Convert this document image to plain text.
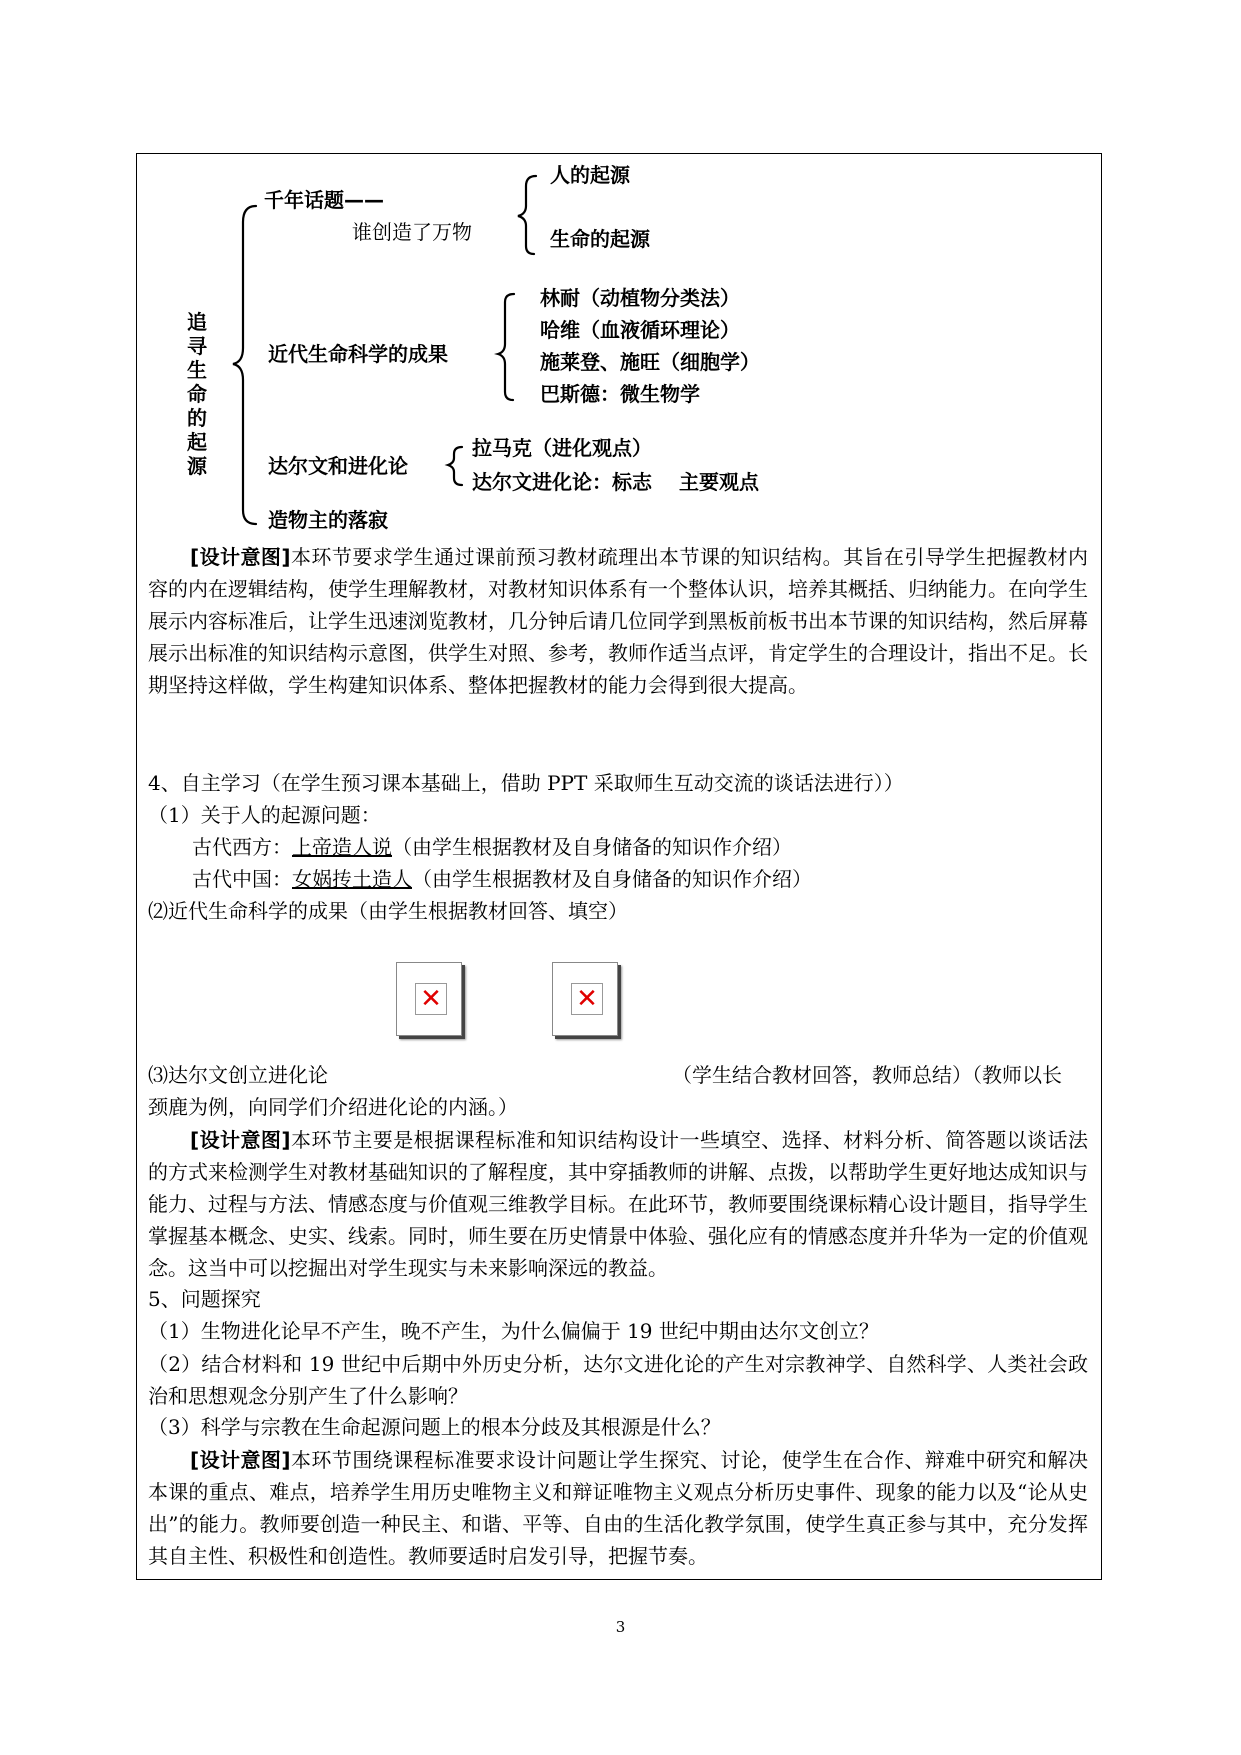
追
寻
生
命
的
起
源
千年话题——
谁创造了万物
人的起源
生命的起源
近代生命科学的成果
林耐（动植物分类法）
哈维（血液循环理论）
施莱登、施旺（细胞学）
巴斯德：微生物学
达尔文和进化论
拉马克（进化观点）
达尔文进化论：标志　 主要观点
造物主的落寂
[设计意图]本环节要求学生通过课前预习教材疏理出本节课的知识结构。其旨在引导学生把握教材内容的内在逻辑结构，使学生理解教材，对教材知识体系有一个整体认识，培养其概括、归纳能力。在向学生展示内容标准后，让学生迅速浏览教材，几分钟后请几位同学到黑板前板书出本节课的知识结构，然后屏幕展示出标准的知识结构示意图，供学生对照、参考，教师作适当点评，肯定学生的合理设计，指出不足。长期坚持这样做，学生构建知识体系、整体把握教材的能力会得到很大提高。
4、自主学习（在学生预习课本基础上，借助 PPT 采取师生互动交流的谈话法进行））
（1）关于人的起源问题：
古代西方：上帝造人说（由学生根据教材及自身储备的知识作介绍）
古代中国：女娲抟土造人（由学生根据教材及自身储备的知识作介绍）
⑵近代生命科学的成果（由学生根据教材回答、填空）
✕	✕
⑶达尔文创立进化论	（学生结合教材回答，教师总结）（教师以长
颈鹿为例，向同学们介绍进化论的内涵。）
[设计意图]本环节主要是根据课程标准和知识结构设计一些填空、选择、材料分析、简答题以谈话法的方式来检测学生对教材基础知识的了解程度，其中穿插教师的讲解、点拨，以帮助学生更好地达成知识与能力、过程与方法、情感态度与价值观三维教学目标。在此环节，教师要围绕课标精心设计题目，指导学生掌握基本概念、史实、线索。同时，师生要在历史情景中体验、强化应有的情感态度并升华为一定的价值观念。这当中可以挖掘出对学生现实与未来影响深远的教益。
5、问题探究
（1）生物进化论早不产生，晚不产生，为什么偏偏于 19 世纪中期由达尔文创立？
（2）结合材料和 19 世纪中后期中外历史分析，达尔文进化论的产生对宗教神学、自然科学、人类社会政治和思想观念分别产生了什么影响？
（3）科学与宗教在生命起源问题上的根本分歧及其根源是什么？
[设计意图]本环节围绕课程标准要求设计问题让学生探究、讨论，使学生在合作、辩难中研究和解决本课的重点、难点，培养学生用历史唯物主义和辩证唯物主义观点分析历史事件、现象的能力以及“论从史出”的能力。教师要创造一种民主、和谐、平等、自由的生活化教学氛围，使学生真正参与其中，充分发挥其自主性、积极性和创造性。教师要适时启发引导，把握节奏。
3
